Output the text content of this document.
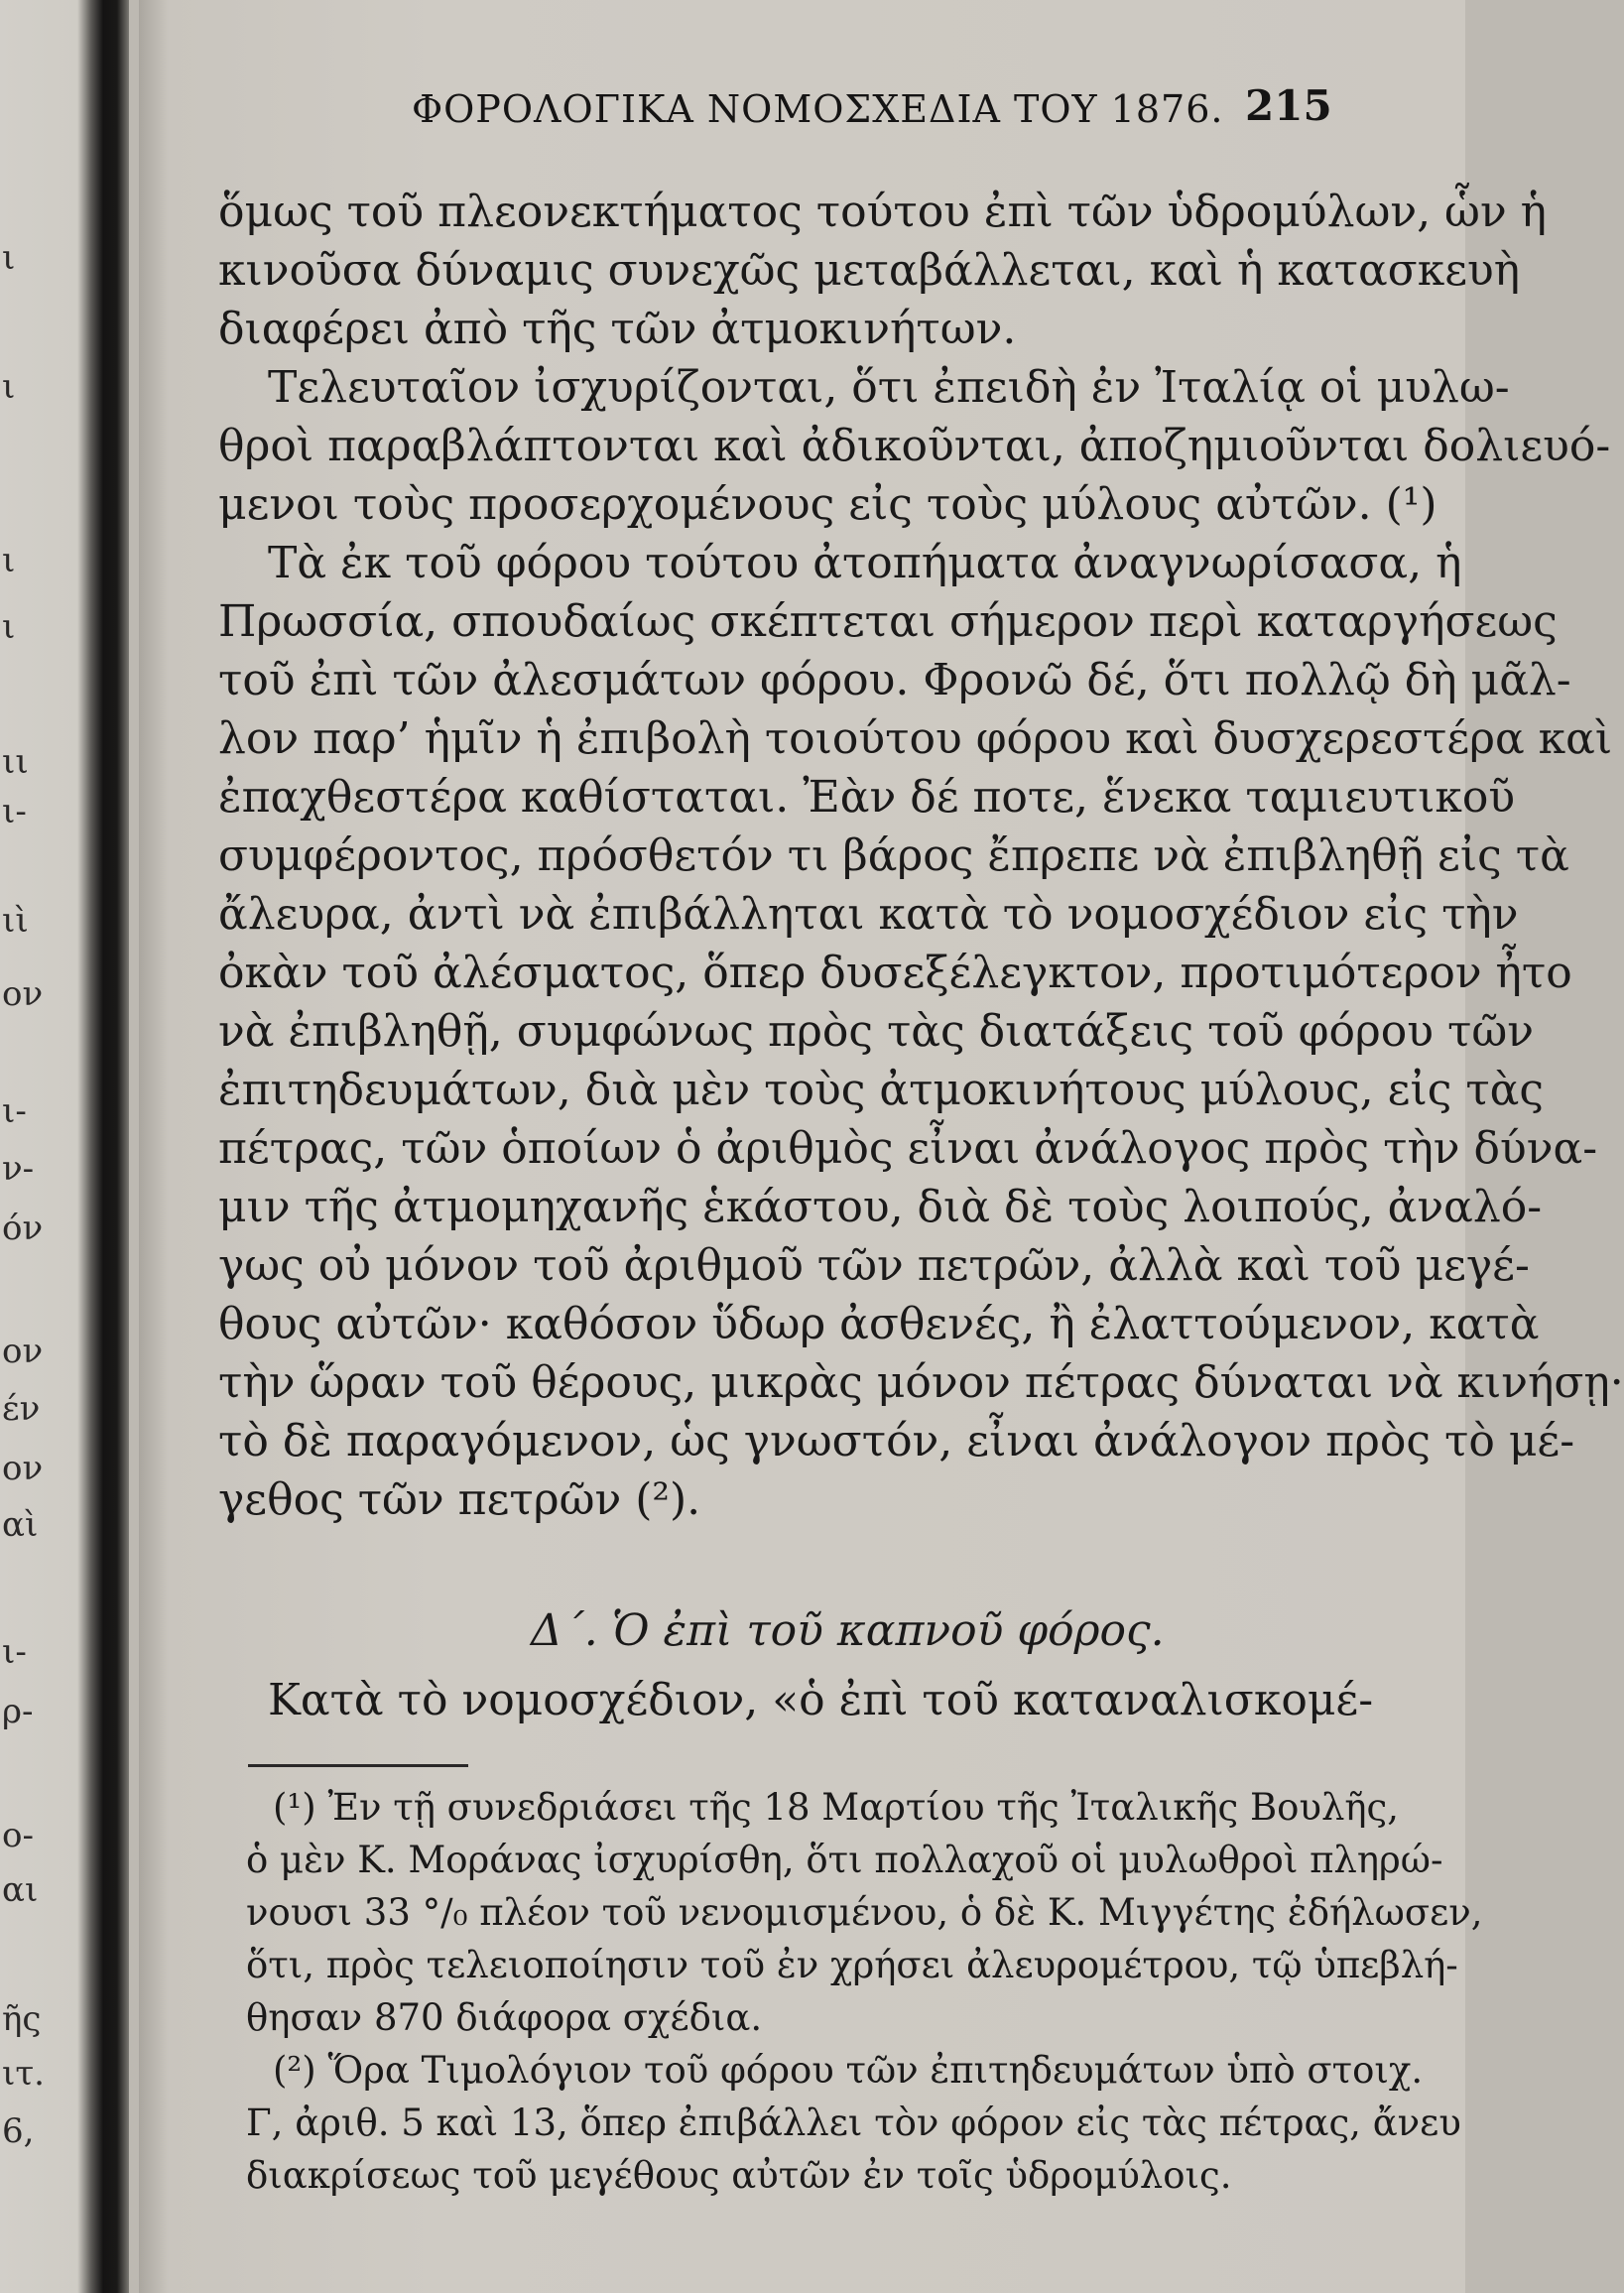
ι
ι
ι
ι
ιι
ι-
ιὶ
ον
ι-
ν-
όν
ον
έν
ον
αὶ
ι-
ρ-
ο-
αι
ῆς
ιτ.
6,
ΦΟΡΟΛΟΓΙΚΑ ΝΟΜΟΣΧΕΔΙΑ ΤΟΥ 1876. 215
ὅμως τοῦ πλεονεκτήματος τούτου ἐπὶ τῶν ὑδρομύλων, ὧν ἡ
κινοῦσα δύναμις συνεχῶς μεταβάλλεται, καὶ ἡ κατασκευὴ
διαφέρει ἀπὸ τῆς τῶν ἀτμοκινήτων.
Τελευταῖον ἰσχυρίζονται, ὅτι ἐπειδὴ ἐν Ἰταλίᾳ οἱ μυλω-
θροὶ παραβλάπτονται καὶ ἀδικοῦνται, ἀποζημιοῦνται δολιευό-
μενοι τοὺς προσερχομένους εἰς τοὺς μύλους αὐτῶν. (¹)
Τὰ ἐκ τοῦ φόρου τούτου ἀτοπήματα ἀναγνωρίσασα, ἡ
Πρωσσία, σπουδαίως σκέπτεται σήμερον περὶ καταργήσεως
τοῦ ἐπὶ τῶν ἀλεσμάτων φόρου. Φρονῶ δέ, ὅτι πολλῷ δὴ μᾶλ-
λον παρ’ ἡμῖν ἡ ἐπιβολὴ τοιούτου φόρου καὶ δυσχερεστέρα καὶ
ἐπαχθεστέρα καθίσταται. Ἐὰν δέ ποτε, ἕνεκα ταμιευτικοῦ
συμφέροντος, πρόσθετόν τι βάρος ἔπρεπε νὰ ἐπιβληθῇ εἰς τὰ
ἄλευρα, ἀντὶ νὰ ἐπιβάλληται κατὰ τὸ νομοσχέδιον εἰς τὴν
ὀκὰν τοῦ ἀλέσματος, ὅπερ δυσεξέλεγκτον, προτιμότερον ἦτο
νὰ ἐπιβληθῇ, συμφώνως πρὸς τὰς διατάξεις τοῦ φόρου τῶν
ἐπιτηδευμάτων, διὰ μὲν τοὺς ἀτμοκινήτους μύλους, εἰς τὰς
πέτρας, τῶν ὁποίων ὁ ἀριθμὸς εἶναι ἀνάλογος πρὸς τὴν δύνα-
μιν τῆς ἀτμομηχανῆς ἑκάστου, διὰ δὲ τοὺς λοιπούς, ἀναλό-
γως οὐ μόνον τοῦ ἀριθμοῦ τῶν πετρῶν, ἀλλὰ καὶ τοῦ μεγέ-
θους αὐτῶν· καθόσον ὕδωρ ἀσθενές, ἢ ἐλαττούμενον, κατὰ
τὴν ὥραν τοῦ θέρους, μικρὰς μόνον πέτρας δύναται νὰ κινήσῃ·
τὸ δὲ παραγόμενον, ὡς γνωστόν, εἶναι ἀνάλογον πρὸς τὸ μέ-
γεθος τῶν πετρῶν (²).
Δ΄. Ὁ ἐπὶ τοῦ καπνοῦ φόρος.
Κατὰ τὸ νομοσχέδιον, «ὁ ἐπὶ τοῦ καταναλισκομέ-
(¹) Ἐν τῇ συνεδριάσει τῆς 18 Μαρτίου τῆς Ἰταλικῆς Βουλῆς,
ὁ μὲν Κ. Μοράνας ἰσχυρίσθη, ὅτι πολλαχοῦ οἱ μυλωθροὶ πληρώ-
νουσι 33 °/₀ πλέον τοῦ νενομισμένου, ὁ δὲ Κ. Μιγγέτης ἐδήλωσεν,
ὅτι, πρὸς τελειοποίησιν τοῦ ἐν χρήσει ἀλευρομέτρου, τῷ ὑπεβλή-
θησαν 870 διάφορα σχέδια.
(²) Ὅρα Τιμολόγιον τοῦ φόρου τῶν ἐπιτηδευμάτων ὑπὸ στοιχ.
Γ, ἀριθ. 5 καὶ 13, ὅπερ ἐπιβάλλει τὸν φόρον εἰς τὰς πέτρας, ἄνευ
διακρίσεως τοῦ μεγέθους αὐτῶν ἐν τοῖς ὑδρομύλοις.
